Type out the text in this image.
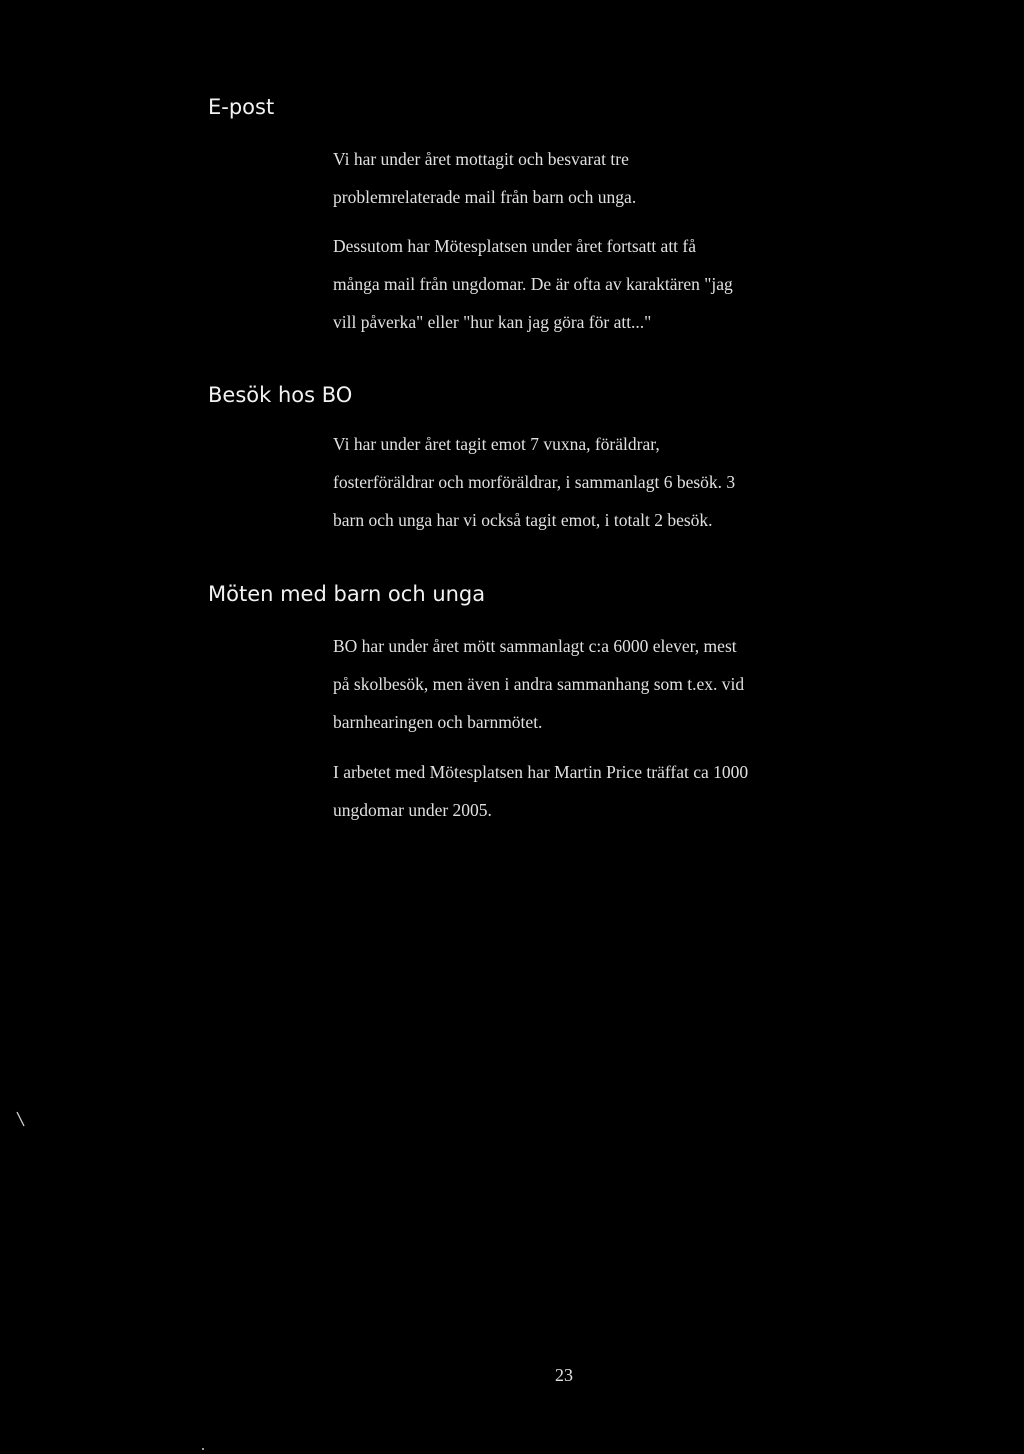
E-post

Vi har under året mottagit och besvarat tre
problemrelaterade mail från barn och unga.

Dessutom har Mötesplatsen under året fortsatt att få
många mail från ungdomar. De är ofta av karaktären "jag
vill påverka" eller "hur kan jag göra för att..."

Besök hos BO

Vi har under året tagit emot 7 vuxna, föräldrar,
fosterföräldrar och morföräldrar, i sammanlagt 6 besök. 3
barn och unga har vi också tagit emot, i totalt 2 besök.

Möten med barn och unga

BO har under året mött sammanlagt c:a 6000 elever, mest
på skolbesök, men även i andra sammanhang som t.ex. vid
barnhearingen och barnmötet.

I arbetet med Mötesplatsen har Martin Price träffat ca 1000
ungdomar under 2005.

23
